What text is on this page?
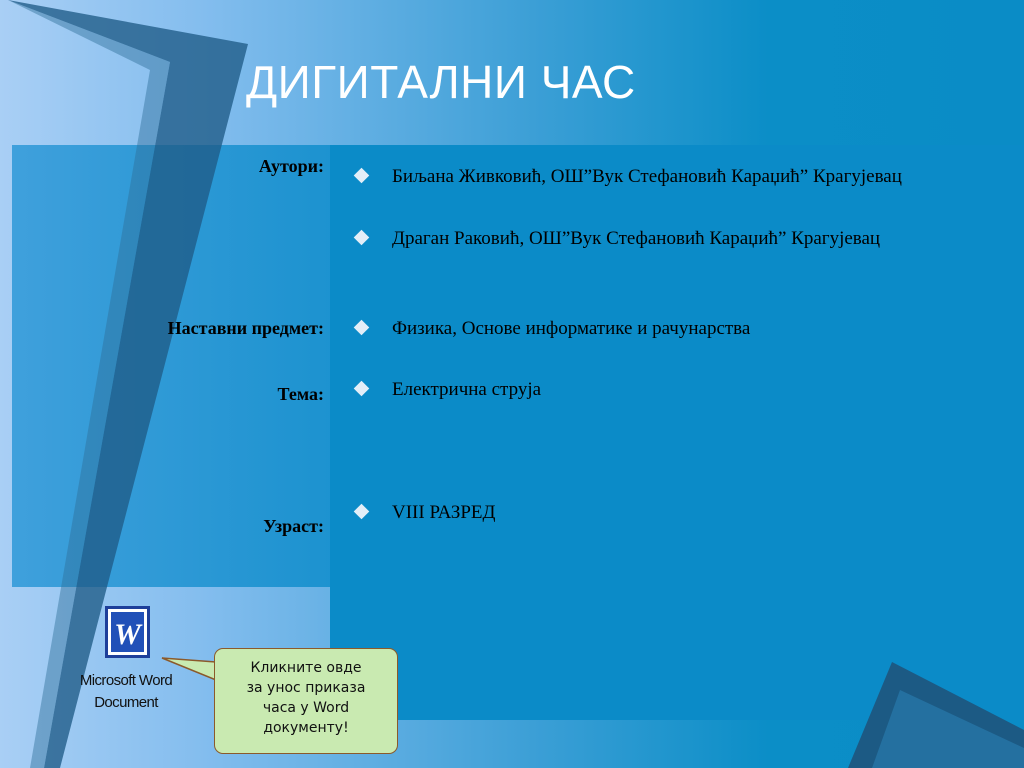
ДИГИТАЛНИ ЧАС
Аутори:
Наставни предмет:
Тема:
Узраст:
Биљана Живковић, ОШ”Вук Стефановић Караџић” Крагујевац
Драган Раковић, ОШ”Вук Стефановић Караџић” Крагујевац
Физика, Основе информатике и рачунарства
Електрична струја
VIII РАЗРЕД
W
Microsoft Word
Document
Кликните овде
за унос приказа
часа у Word
документу!
